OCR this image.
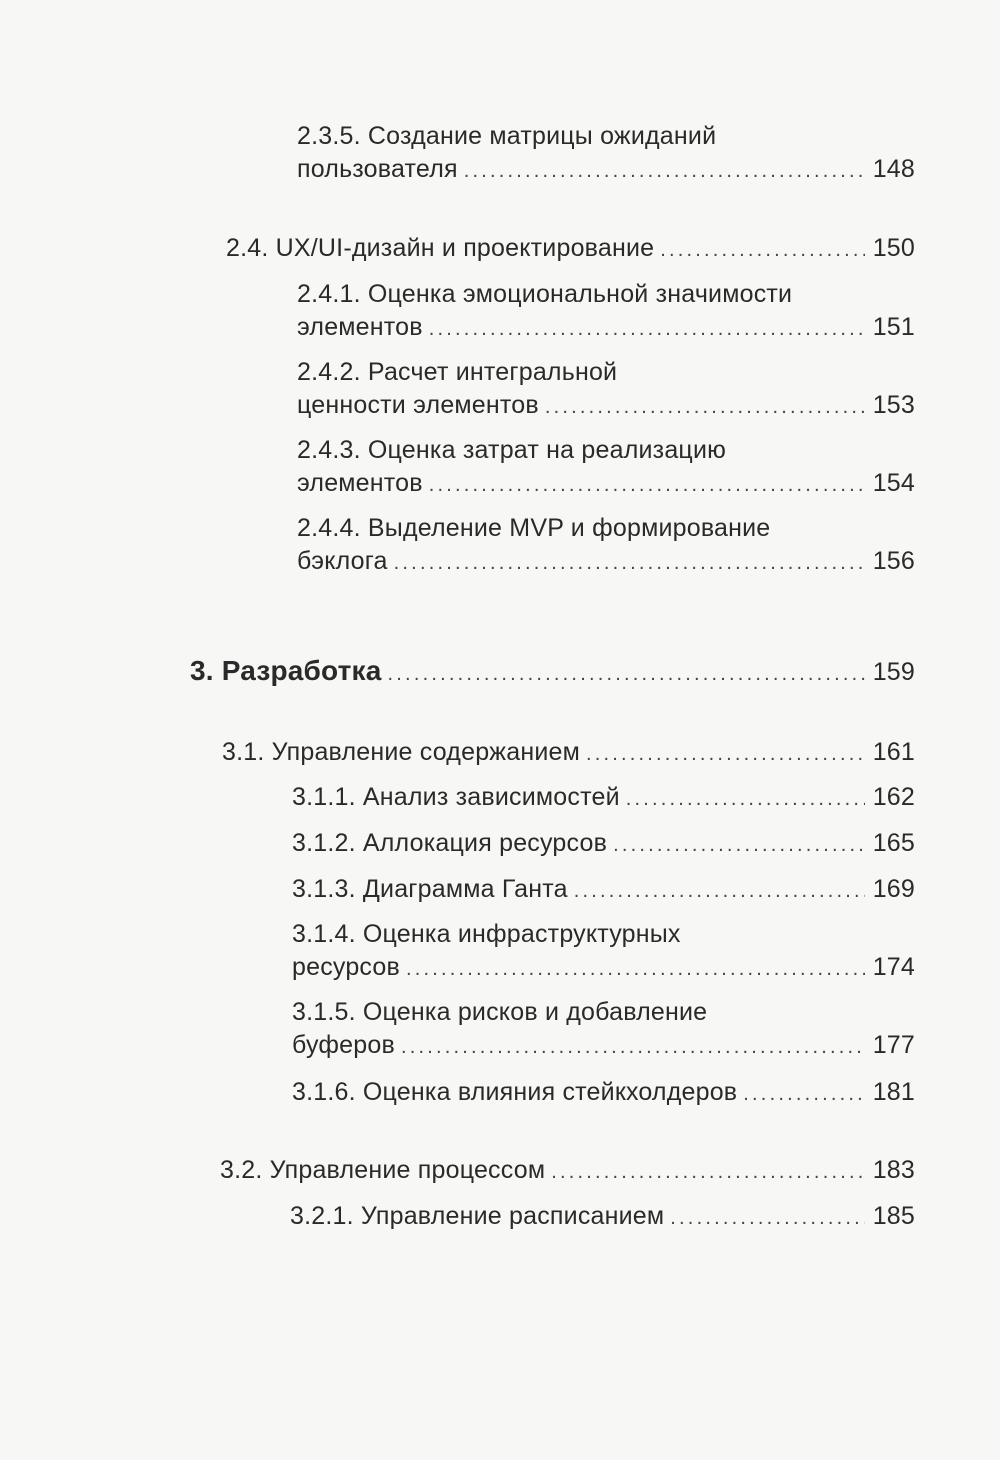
2.3.5. Создание матрицы ожиданий
пользователя .....	148
2.4. UX/UI-дизайн и проектирование .....	150
2.4.1. Оценка эмоциональной значимости
элементов .....	151
2.4.2. Расчет интегральной
ценности элементов .....	153
2.4.3. Оценка затрат на реализацию
элементов .....	154
2.4.4. Выделение MVP и формирование
бэклога .....	156
3. Разработка .....	159
3.1. Управление содержанием .....	161
3.1.1. Анализ зависимостей .....	162
3.1.2. Аллокация ресурсов .....	165
3.1.3. Диаграмма Ганта .....	169
3.1.4. Оценка инфраструктурных
ресурсов .....	174
3.1.5. Оценка рисков и добавление
буферов .....	177
3.1.6. Оценка влияния стейкхолдеров .....	181
3.2. Управление процессом .....	183
3.2.1. Управление расписанием .....	185
